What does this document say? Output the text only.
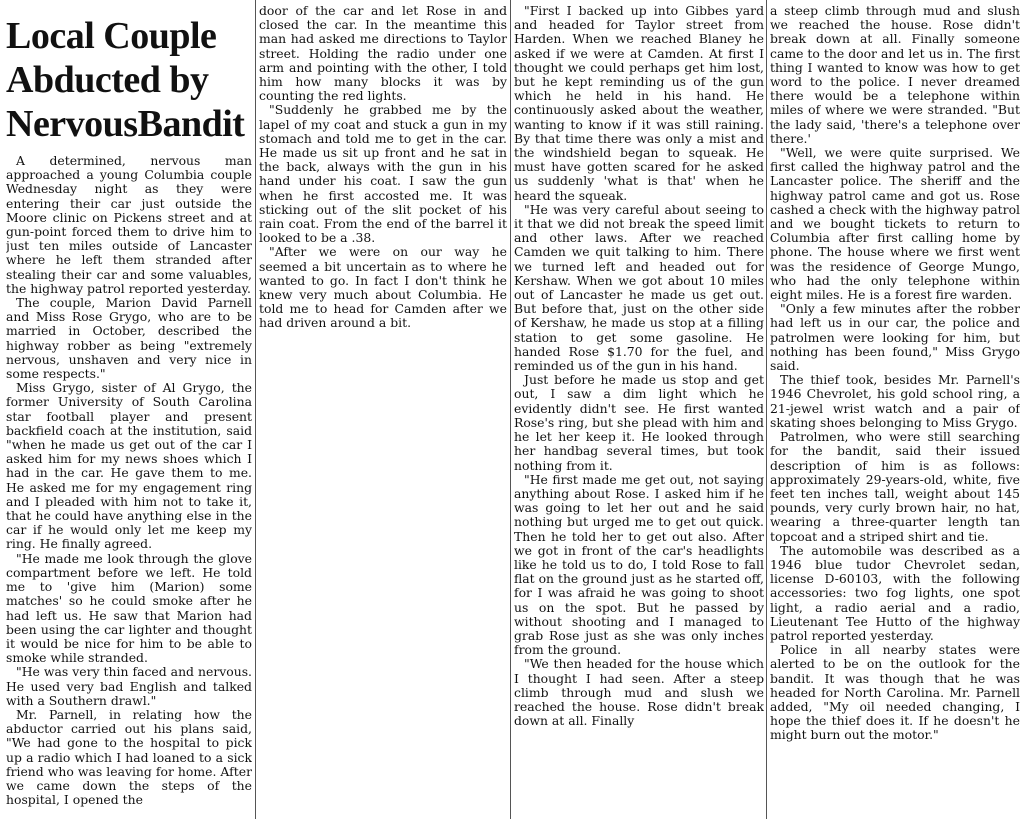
Local Couple
Abducted by
NervousBandit

A determined, nervous man approached a young Columbia couple Wednesday night as they were entering their car just outside the Moore clinic on Pickens street and at gun-point forced them to drive him to just ten miles outside of Lancaster where he left them stranded after stealing their car and some valuables, the highway patrol reported yesterday.

The couple, Marion David Parnell and Miss Rose Grygo, who are to be married in October, described the highway robber as being "extremely nervous, unshaven and very nice in some respects."

Miss Grygo, sister of Al Grygo, the former University of South Carolina star football player and present backfield coach at the institution, said "when he made us get out of the car I asked him for my news shoes which I had in the car. He gave them to me. He asked me for my engagement ring and I pleaded with him not to take it, that he could have anything else in the car if he would only let me keep my ring. He finally agreed.

"He made me look through the glove compartment before we left. He told me to 'give him (Marion) some matches' so he could smoke after he had left us. He saw that Marion had been using the car lighter and thought it would be nice for him to be able to smoke while stranded.

"He was very thin faced and nervous. He used very bad English and talked with a Southern drawl."

Mr. Parnell, in relating how the abductor carried out his plans said, "We had gone to the hospital to pick up a radio which I had loaned to a sick friend who was leaving for home. After we came down the steps of the hospital, I opened the

door of the car and let Rose in and closed the car. In the meantime this man had asked me directions to Taylor street. Holding the radio under one arm and pointing with the other, I told him how many blocks it was by counting the red lights.

"Suddenly he grabbed me by the lapel of my coat and stuck a gun in my stomach and told me to get in the car. He made us sit up front and he sat in the back, always with the gun in his hand under his coat. I saw the gun when he first accosted me. It was sticking out of the slit pocket of his rain coat. From the end of the barrel it looked to be a .38.

"After we were on our way he seemed a bit uncertain as to where he wanted to go. In fact I don't think he knew very much about Columbia. He told me to head for Camden after we had driven around a bit.

"First I backed up into Gibbes yard and headed for Taylor street from Harden. When we reached Blaney he asked if we were at Camden. At first I thought we could perhaps get him lost, but he kept reminding us of the gun which he held in his hand. He continuously asked about the weather, wanting to know if it was still raining. By that time there was only a mist and the windshield began to squeak. He must have gotten scared for he asked us suddenly 'what is that' when he heard the squeak.

"He was very careful about seeing to it that we did not break the speed limit and other laws. After we reached Camden we quit talking to him. There we turned left and headed out for Kershaw. When we got about 10 miles out of Lancaster he made us get out. But before that, just on the other side of Kershaw, he made us stop at a filling station to get some gasoline. He handed Rose $1.70 for the fuel, and reminded us of the gun in his hand.

Just before he made us stop and get out, I saw a dim light which he evidently didn't see. He first wanted Rose's ring, but she plead with him and he let her keep it. He looked through her handbag several times, but took nothing from it.

"He first made me get out, not saying anything about Rose. I asked him if he was going to let her out and he said nothing but urged me to get out quick. Then he told her to get out also. After we got in front of the car's headlights like he told us to do, I told Rose to fall flat on the ground just as he started off, for I was afraid he was going to shoot us on the spot. But he passed by without shooting and I managed to grab Rose just as she was only inches from the ground.

"We then headed for the house which I thought I had seen. After a steep climb through mud and slush we reached the house. Rose didn't break down at all. Finally

a steep climb through mud and slush we reached the house. Rose didn't break down at all. Finally someone came to the door and let us in. The first thing I wanted to know was how to get word to the police. I never dreamed there would be a telephone within miles of where we were stranded. "But the lady said, 'there's a telephone over there.'

"Well, we were quite surprised. We first called the highway patrol and the Lancaster police. The sheriff and the highway patrol came and got us. Rose cashed a check with the highway patrol and we bought tickets to return to Columbia after first calling home by phone. The house where we first went was the residence of George Mungo, who had the only telephone within eight miles. He is a forest fire warden.

"Only a few minutes after the robber had left us in our car, the police and patrolmen were looking for him, but nothing has been found," Miss Grygo said.

The thief took, besides Mr. Parnell's 1946 Chevrolet, his gold school ring, a 21-jewel wrist watch and a pair of skating shoes belonging to Miss Grygo.

Patrolmen, who were still searching for the bandit, said their issued description of him is as follows: approximately 29-years-old, white, five feet ten inches tall, weight about 145 pounds, very curly brown hair, no hat, wearing a three-quarter length tan topcoat and a striped shirt and tie.

The automobile was described as a 1946 blue tudor Chevrolet sedan, license D-60103, with the following accessories: two fog lights, one spot light, a radio aerial and a radio, Lieutenant Tee Hutto of the highway patrol reported yesterday.

Police in all nearby states were alerted to be on the outlook for the bandit. It was though that he was headed for North Carolina. Mr. Parnell added, "My oil needed changing, I hope the thief does it. If he doesn't he might burn out the motor."
